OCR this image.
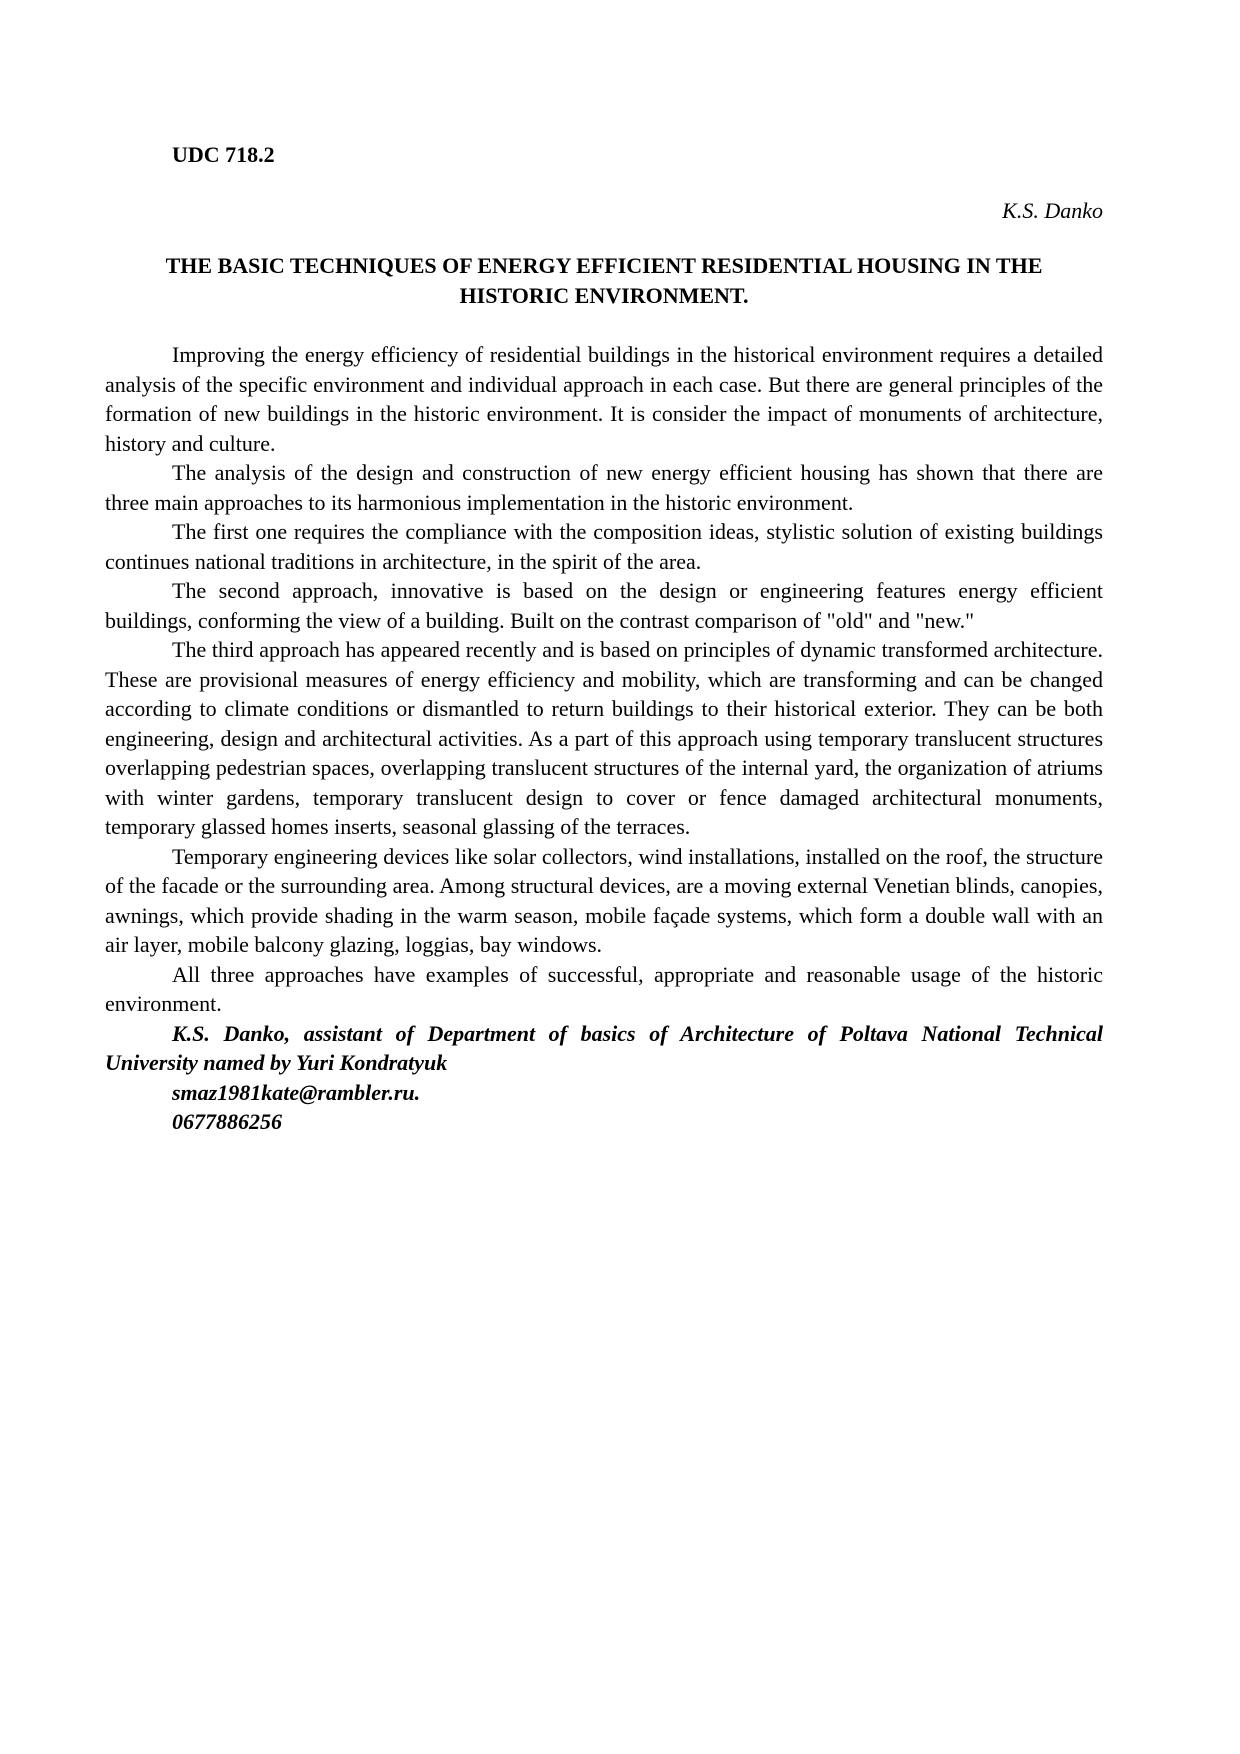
UDC 718.2

K.S. Danko

THE BASIC TECHNIQUES OF ENERGY EFFICIENT RESIDENTIAL HOUSING IN THE HISTORIC ENVIRONMENT.

Improving the energy efficiency of residential buildings in the historical environment requires a detailed analysis of the specific environment and individual approach in each case. But there are general principles of the formation of new buildings in the historic environment. It is consider the impact of monuments of architecture, history and culture.

The analysis of the design and construction of new energy efficient housing has shown that there are three main approaches to its harmonious implementation in the historic environment.

The first one requires the compliance with the composition ideas, stylistic solution of existing buildings continues national traditions in architecture, in the spirit of the area.

The second approach, innovative is based on the design or engineering features energy efficient buildings, conforming the view of a building. Built on the contrast comparison of "old" and "new."

The third approach has appeared recently and is based on principles of dynamic transformed architecture. These are provisional measures of energy efficiency and mobility, which are transforming and can be changed according to climate conditions or dismantled to return buildings to their historical exterior. They can be both engineering, design and architectural activities. As a part of this approach using temporary translucent structures overlapping pedestrian spaces, overlapping translucent structures of the internal yard, the organization of atriums with winter gardens, temporary translucent design to cover or fence damaged architectural monuments, temporary glassed homes inserts, seasonal glassing of the terraces.

Temporary engineering devices like solar collectors, wind installations, installed on the roof, the structure of the facade or the surrounding area. Among structural devices, are a moving external Venetian blinds, canopies, awnings, which provide shading in the warm season, mobile façade systems, which form a double wall with an air layer, mobile balcony glazing, loggias, bay windows.

All three approaches have examples of successful, appropriate and reasonable usage of the historic environment.

K.S. Danko, assistant of Department of basics of Architecture of Poltava National Technical University named by Yuri Kondratyuk

smaz1981kate@rambler.ru.

0677886256
